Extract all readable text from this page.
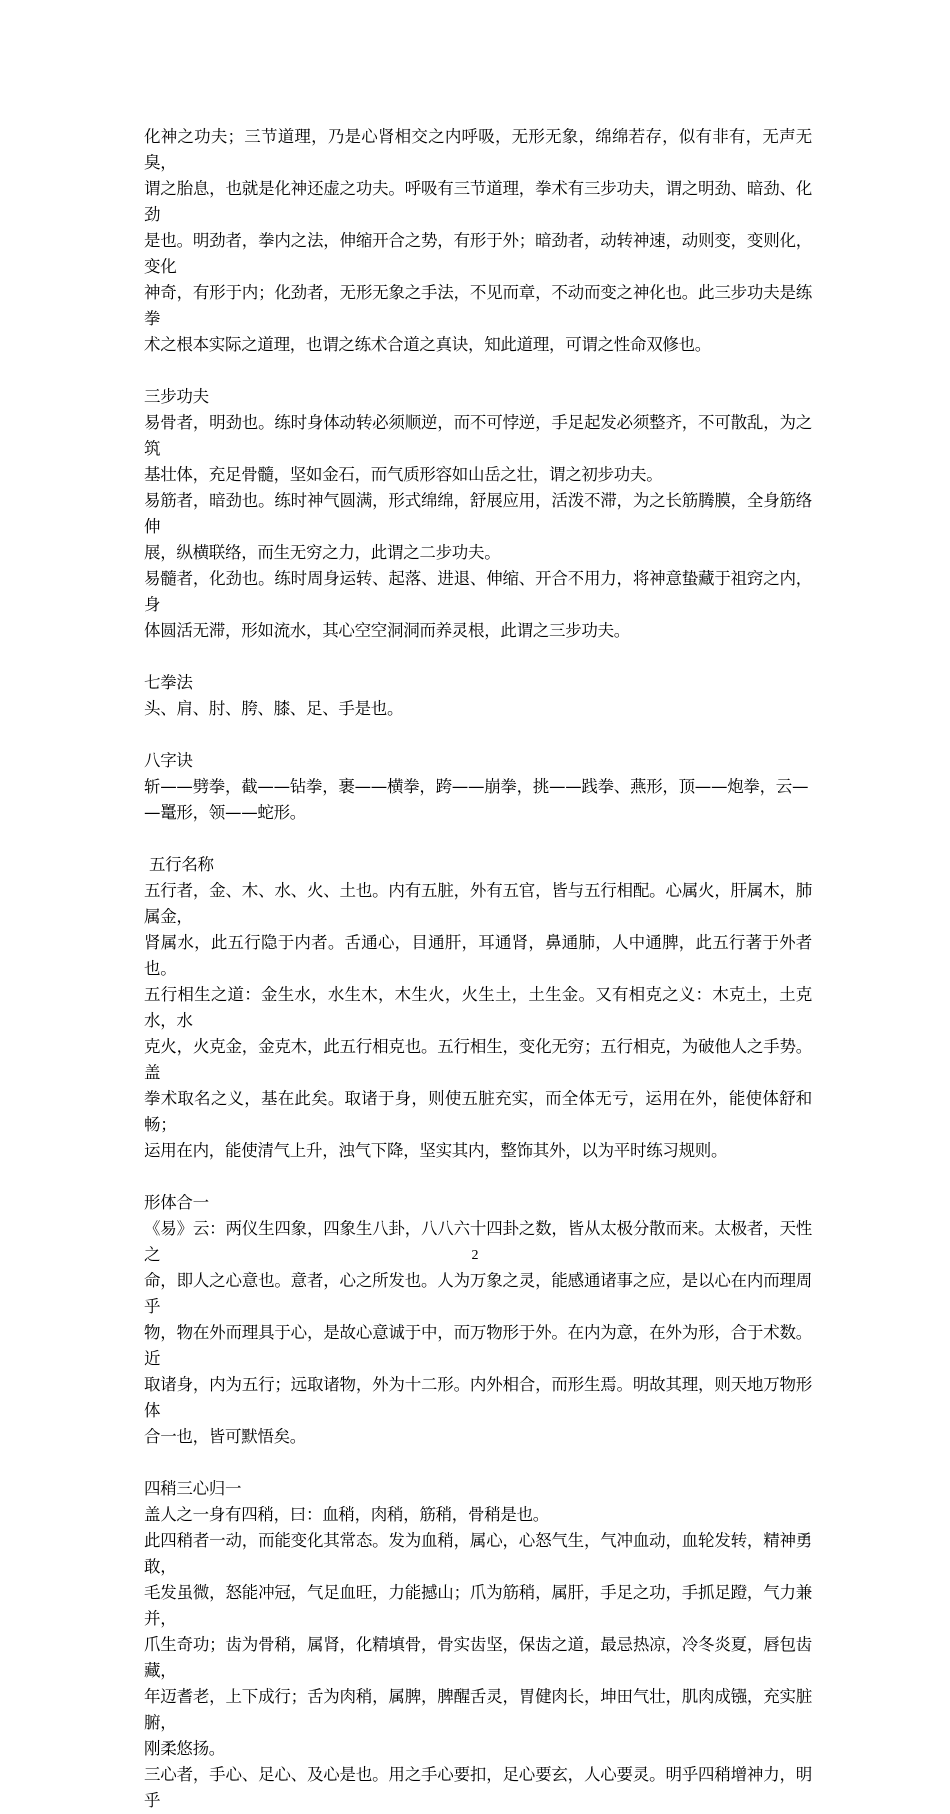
化神之功夫；三节道理，乃是心肾相交之内呼吸，无形无象，绵绵若存，似有非有，无声无臭，
谓之胎息，也就是化神还虚之功夫。呼吸有三节道理，拳术有三步功夫，谓之明劲、暗劲、化劲
是也。明劲者，拳内之法，伸缩开合之势，有形于外；暗劲者，动转神速，动则变，变则化，变化
神奇，有形于内；化劲者，无形无象之手法，不见而章，不动而变之神化也。此三步功夫是练拳
术之根本实际之道理，也谓之练术合道之真诀，知此道理，可谓之性命双修也。

三步功夫

易骨者，明劲也。练时身体动转必须顺逆，而不可悖逆，手足起发必须整齐，不可散乱，为之筑
基壮体，充足骨髓，坚如金石，而气质形容如山岳之壮，谓之初步功夫。

易筋者，暗劲也。练时神气圆满，形式绵绵，舒展应用，活泼不滞，为之长筋腾膜，全身筋络伸
展，纵横联络，而生无穷之力，此谓之二步功夫。

易髓者，化劲也。练时周身运转、起落、进退、伸缩、开合不用力，将神意蛰藏于祖窍之内，身
体圆活无滞，形如流水，其心空空洞洞而养灵根，此谓之三步功夫。

七拳法

头、肩、肘、胯、膝、足、手是也。

八字诀

斩——劈拳，截——钻拳，裹——横拳，跨——崩拳，挑——践拳、燕形，顶——炮拳，云—
—鼍形，领——蛇形。

五行名称

五行者，金、木、水、火、土也。内有五脏，外有五官，皆与五行相配。心属火，肝属木，肺属金，
肾属水，此五行隐于内者。舌通心，目通肝，耳通肾，鼻通肺，人中通脾，此五行著于外者也。
五行相生之道：金生水，水生木，木生火，火生土，土生金。又有相克之义：木克土，土克水，水
克火，火克金，金克木，此五行相克也。五行相生，变化无穷；五行相克，为破他人之手势。盖
拳术取名之义，基在此矣。取诸于身，则使五脏充实，而全体无亏，运用在外，能使体舒和畅；
运用在内，能使清气上升，浊气下降，坚实其内，整饰其外，以为平时练习规则。

形体合一

《易》云：两仪生四象，四象生八卦，八八六十四卦之数，皆从太极分散而来。太极者，天性之
命，即人之心意也。意者，心之所发也。人为万象之灵，能感通诸事之应，是以心在内而理周乎
物，物在外而理具于心，是故心意诚于中，而万物形于外。在内为意，在外为形，合于术数。近
取诸身，内为五行；远取诸物，外为十二形。内外相合，而形生焉。明故其理，则天地万物形体
合一也，皆可默悟矣。

四稍三心归一

盖人之一身有四稍，曰：血稍，肉稍，筋稍，骨稍是也。

此四稍者一动，而能变化其常态。发为血稍，属心，心怒气生，气冲血动，血轮发转，精神勇敢，
毛发虽微，怒能冲冠，气足血旺，力能撼山；爪为筋稍，属肝，手足之功，手抓足蹬，气力兼并，
爪生奇功；齿为骨稍，属肾，化精填骨，骨实齿坚，保齿之道，最忌热凉，冷冬炎夏，唇包齿藏，
年迈耆老，上下成行；舌为肉稍，属脾，脾醒舌灵，胃健肉长，坤田气壮，肌肉成镪，充实脏腑，
刚柔悠扬。

三心者，手心、足心、及心是也。用之手心要扣，足心要玄，人心要灵。明乎四稍增神力，明乎

2
